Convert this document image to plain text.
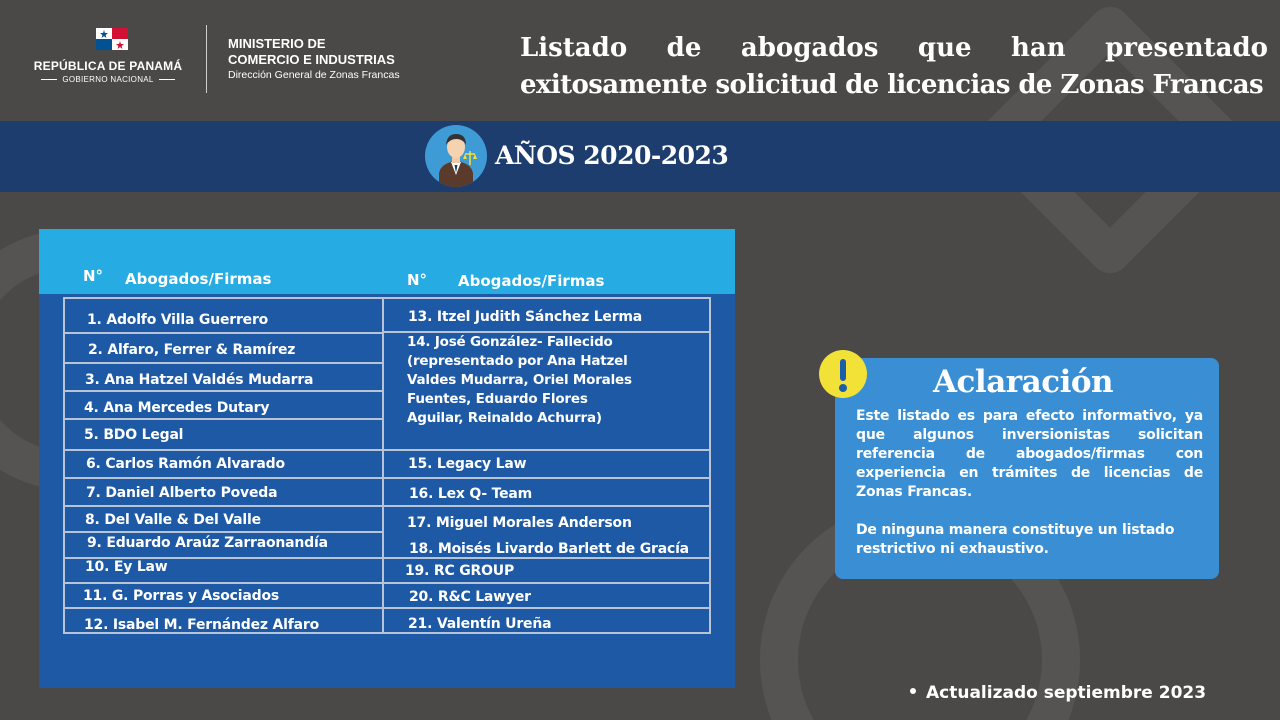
REPÚBLICA DE PANAMÁ
GOBIERNO NACIONAL
MINISTERIO DE
COMERCIO E INDUSTRIAS
Dirección General de Zonas Francas
Listado de abogados que han presentado
exitosamente solicitud de licencias de Zonas Francas
AÑOS 2020-2023
N° Abogados/Firmas	N° Abogados/Firmas
1. Adolfo Villa Guerrero
2. Alfaro, Ferrer & Ramírez
3. Ana Hatzel Valdés Mudarra
4. Ana Mercedes Dutary
5. BDO Legal
6. Carlos Ramón Alvarado
7. Daniel Alberto Poveda
8. Del Valle & Del Valle
9. Eduardo Araúz Zarraonandía
10. Ey Law
11. G. Porras y Asociados
12. Isabel M. Fernández Alfaro
13. Itzel Judith Sánchez Lerma
14. José González- Fallecido (representado por Ana Hatzel Valdes Mudarra, Oriel Morales Fuentes, Eduardo Flores Aguilar, Reinaldo Achurra)
15. Legacy Law
16. Lex Q- Team
17. Miguel Morales Anderson
18. Moisés Livardo Barlett de Gracía
19. RC GROUP
20. R&C Lawyer
21. Valentín Ureña
Aclaración

Este listado es para efecto informativo, ya que algunos inversionistas solicitan referencia de abogados/firmas con experiencia en trámites de licencias de Zonas Francas.

De ninguna manera constituye un listado restrictivo ni exhaustivo.

Actualizado septiembre 2023
